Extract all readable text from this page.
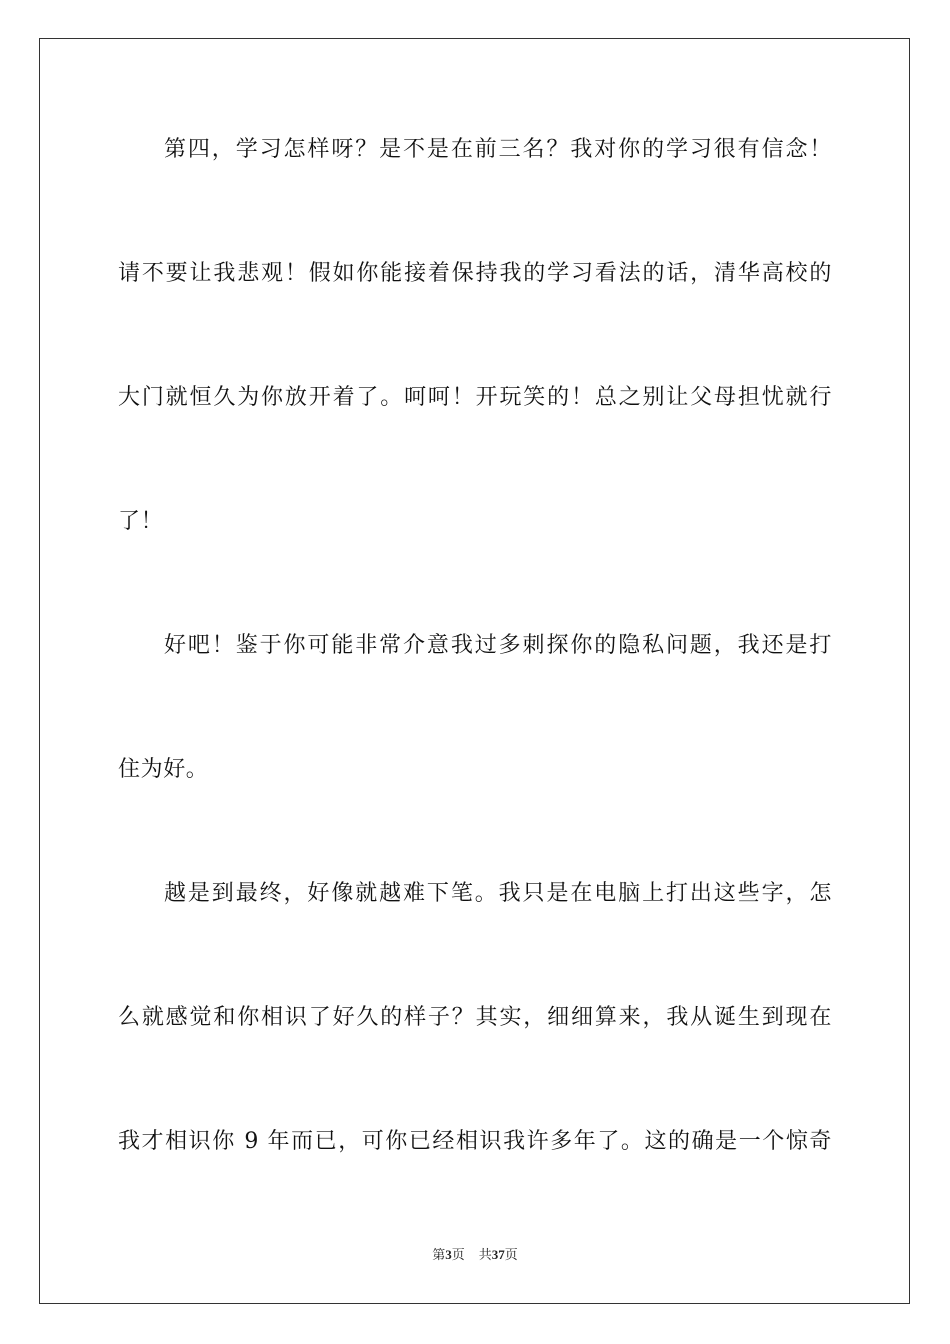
第四，学习怎样呀？是不是在前三名？我对你的学习很有信念！
请不要让我悲观！假如你能接着保持我的学习看法的话，清华高校的
大门就恒久为你放开着了。呵呵！开玩笑的！总之别让父母担忧就行
了！
好吧！鉴于你可能非常介意我过多刺探你的隐私问题，我还是打
住为好。
越是到最终，好像就越难下笔。我只是在电脑上打出这些字，怎
么就感觉和你相识了好久的样子？其实，细细算来，我从诞生到现在
我才相识你 9 年而已，可你已经相识我许多年了。这的确是一个惊奇
第3页 共37页
